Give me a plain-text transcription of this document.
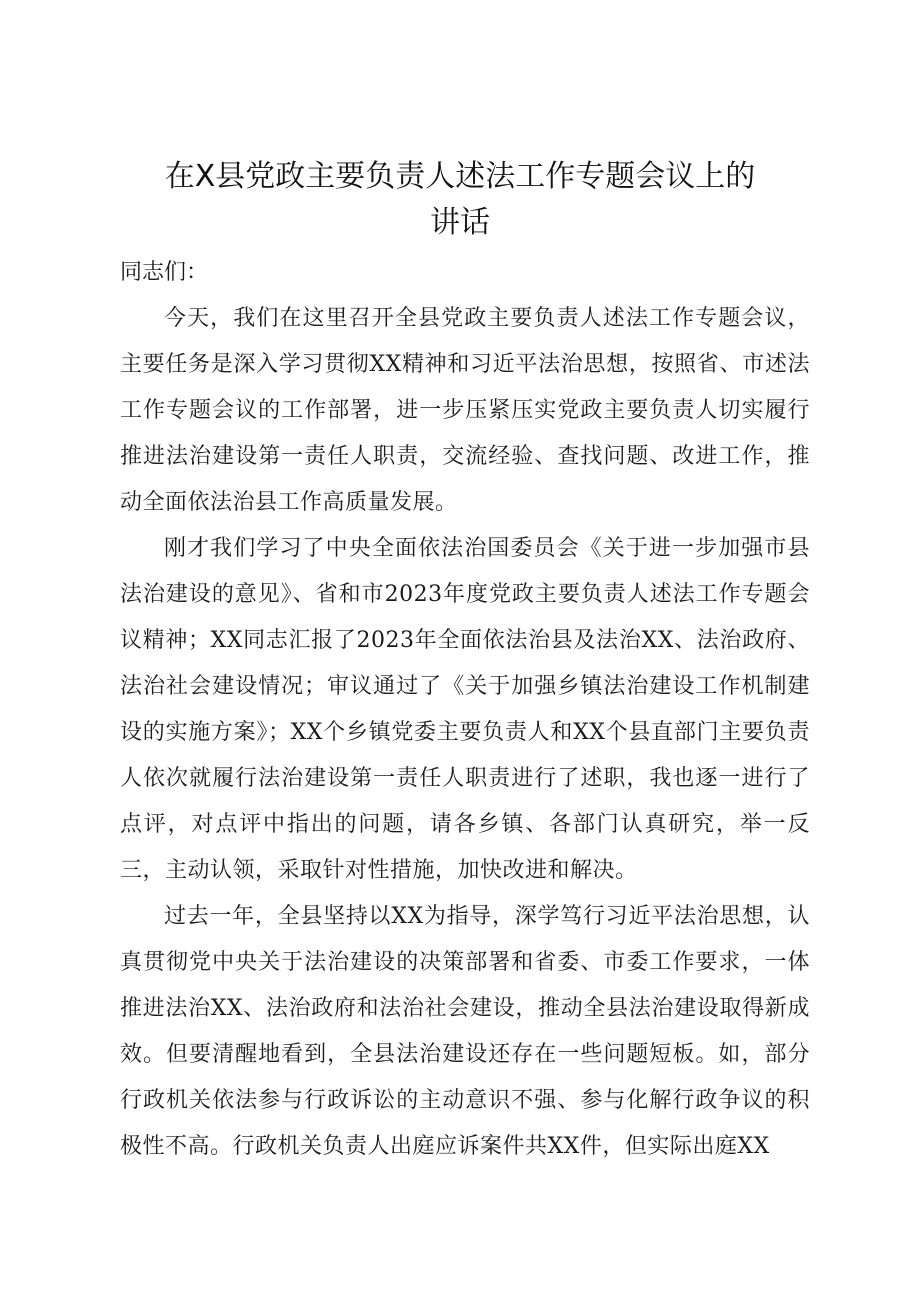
在X县党政主要负责人述法工作专题会议上的
讲话
同志们：

今天，我们在这里召开全县党政主要负责人述法工作专题会议，主要任务是深入学习贯彻XX精神和习近平法治思想，按照省、市述法工作专题会议的工作部署，进一步压紧压实党政主要负责人切实履行推进法治建设第一责任人职责，交流经验、查找问题、改进工作，推动全面依法治县工作高质量发展。

刚才我们学习了中央全面依法治国委员会《关于进一步加强市县法治建设的意见》、省和市2023年度党政主要负责人述法工作专题会议精神；XX同志汇报了2023年全面依法治县及法治XX、法治政府、法治社会建设情况；审议通过了《关于加强乡镇法治建设工作机制建设的实施方案》；XX个乡镇党委主要负责人和XX个县直部门主要负责人依次就履行法治建设第一责任人职责进行了述职，我也逐一进行了点评，对点评中指出的问题，请各乡镇、各部门认真研究，举一反三，主动认领，采取针对性措施，加快改进和解决。

过去一年，全县坚持以XX为指导，深学笃行习近平法治思想，认真贯彻党中央关于法治建设的决策部署和省委、市委工作要求，一体推进法治XX、法治政府和法治社会建设，推动全县法治建设取得新成效。但要清醒地看到，全县法治建设还存在一些问题短板。如，部分行政机关依法参与行政诉讼的主动意识不强、参与化解行政争议的积极性不高。行政机关负责人出庭应诉案件共XX件，但实际出庭XX
